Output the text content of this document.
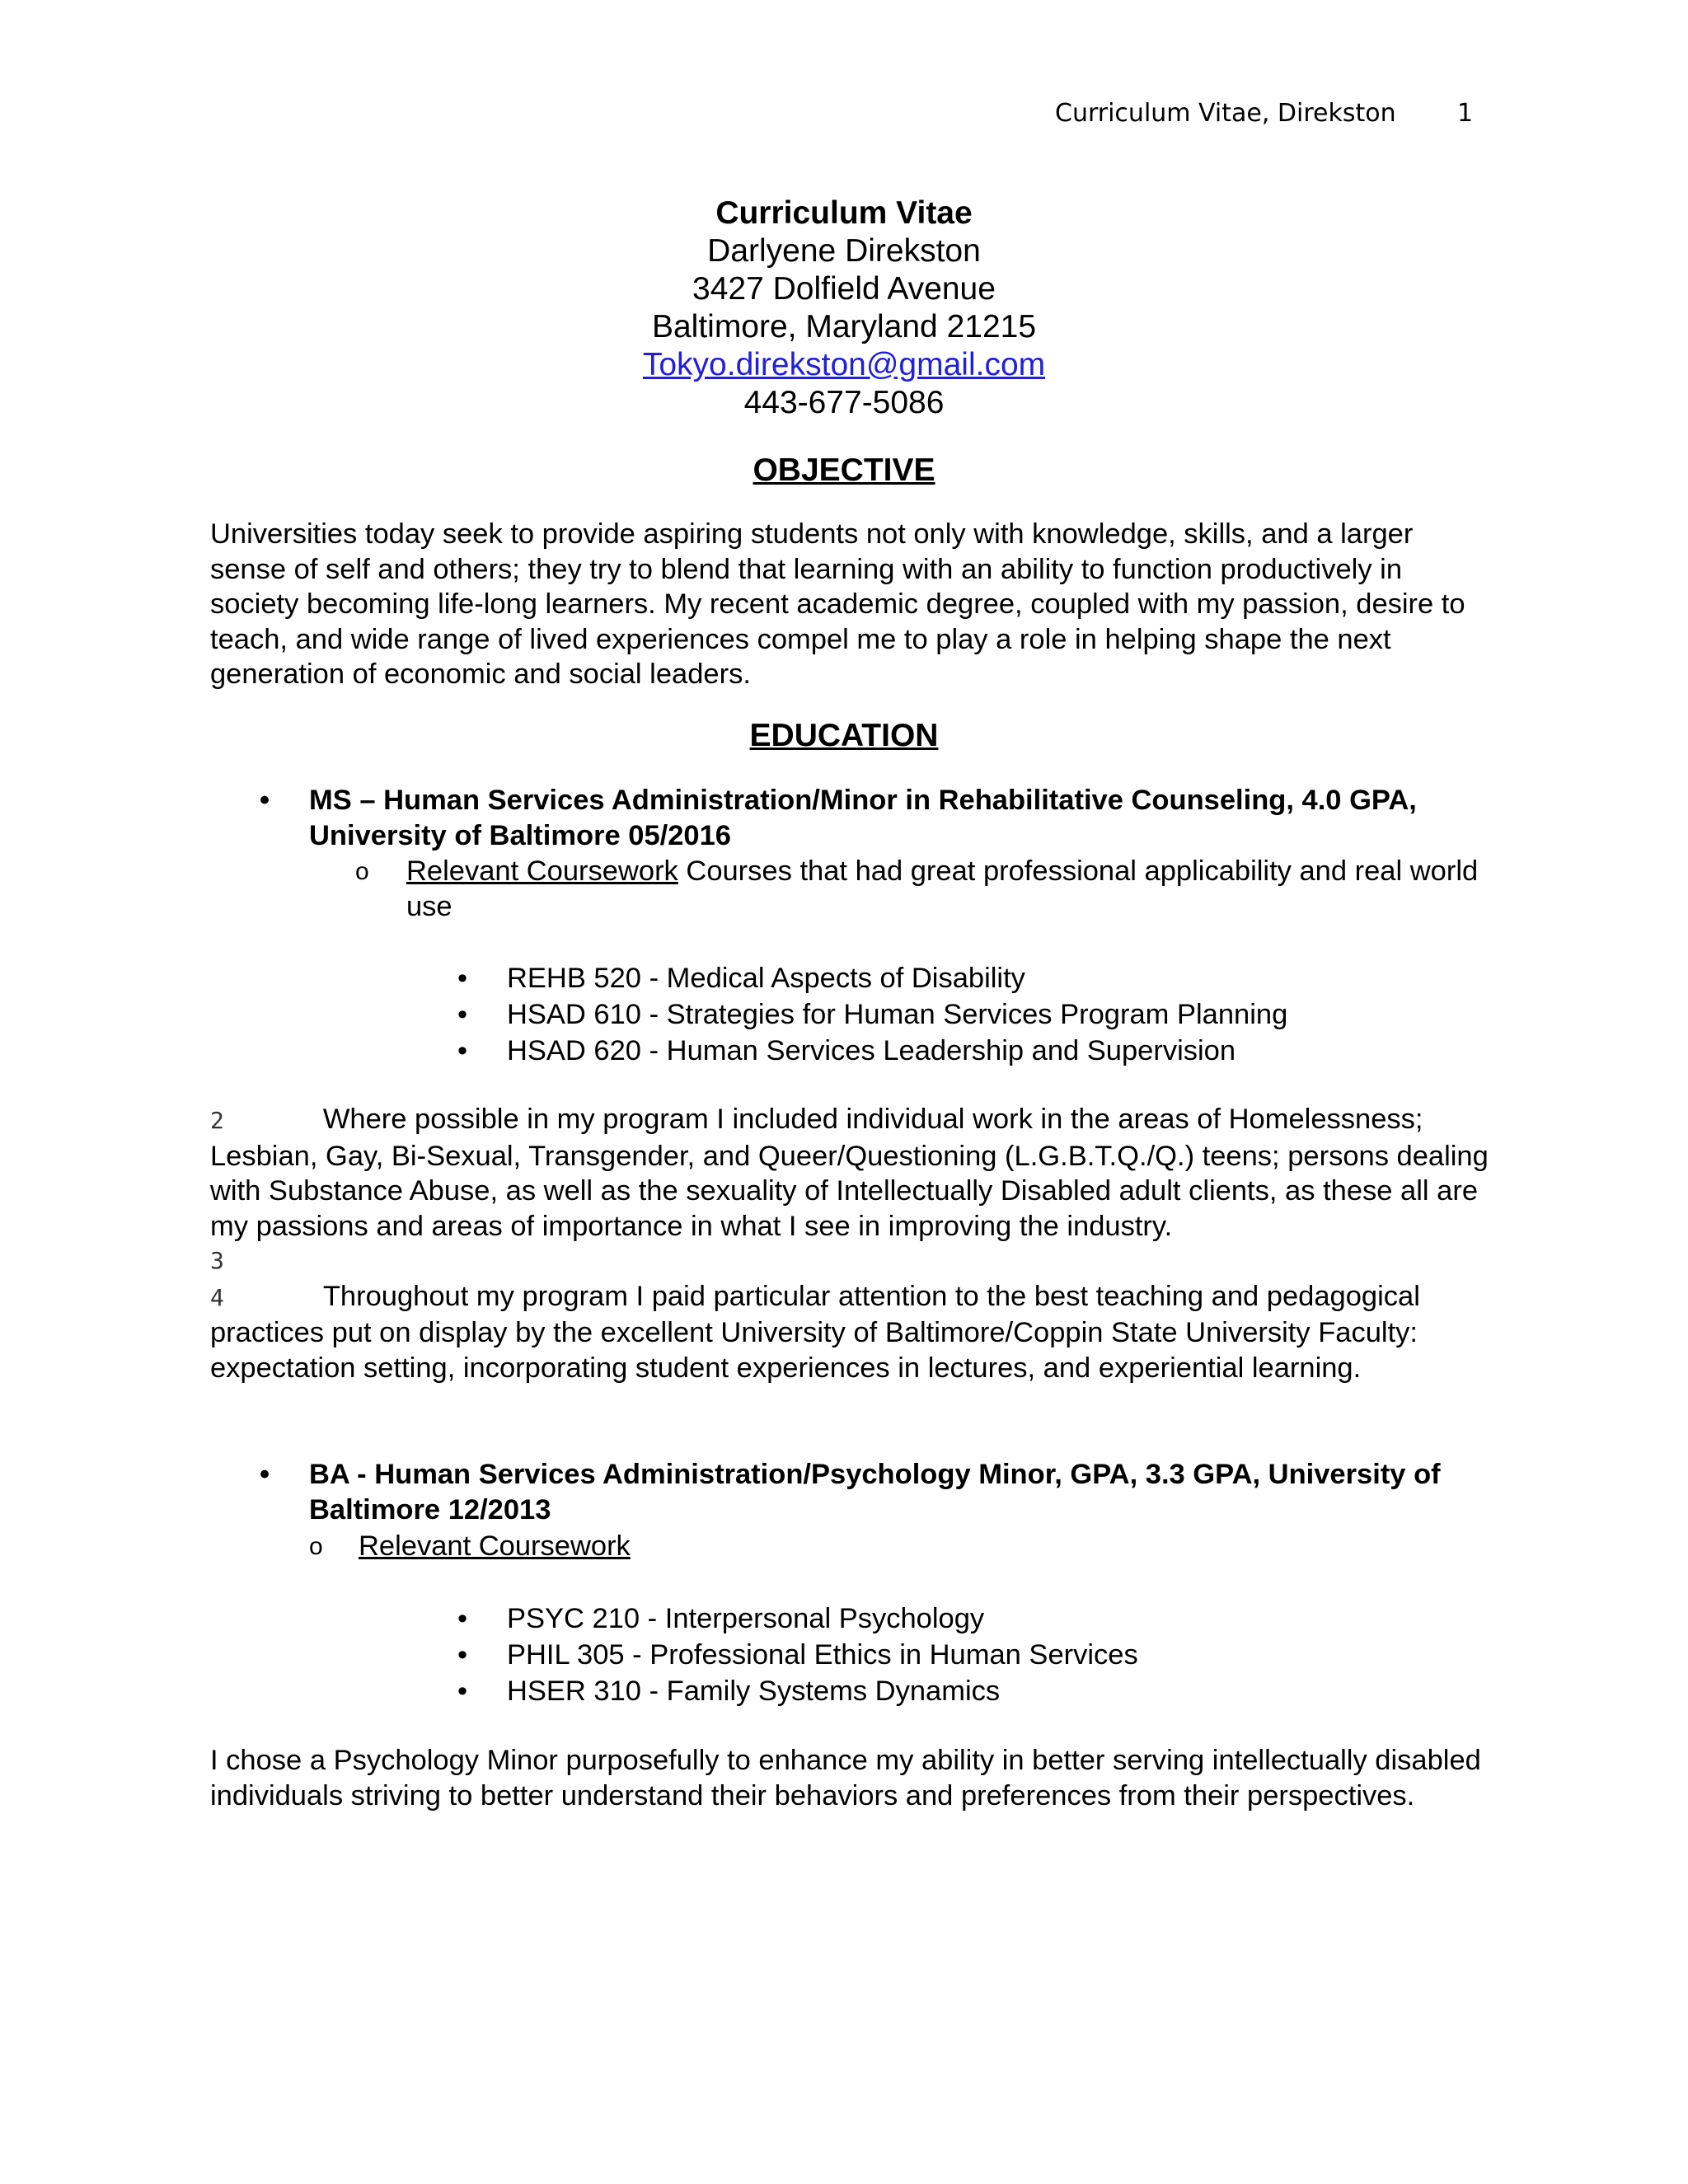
Curriculum Vitae, Direkston 1
Curriculum Vitae
Darlyene Direkston
3427 Dolfield Avenue
Baltimore, Maryland 21215
Tokyo.direkston@gmail.com
443-677-5086
OBJECTIVE
Universities today seek to provide aspiring students not only with knowledge, skills, and a larger sense of self and others; they try to blend that learning with an ability to function productively in society becoming life-long learners. My recent academic degree, coupled with my passion, desire to teach, and wide range of lived experiences compel me to play a role in helping shape the next generation of economic and social leaders.
EDUCATION
• MS – Human Services Administration/Minor in Rehabilitative Counseling, 4.0 GPA, University of Baltimore 05/2016
o Relevant Coursework Courses that had great professional applicability and real world use
• REHB 520 - Medical Aspects of Disability
• HSAD 610 - Strategies for Human Services Program Planning
• HSAD 620 - Human Services Leadership and Supervision
2	Where possible in my program I included individual work in the areas of Homelessness; Lesbian, Gay, Bi-Sexual, Transgender, and Queer/Questioning (L.G.B.T.Q./Q.) teens; persons dealing with Substance Abuse, as well as the sexuality of Intellectually Disabled adult clients, as these all are my passions and areas of importance in what I see in improving the industry.
3
4	Throughout my program I paid particular attention to the best teaching and pedagogical practices put on display by the excellent University of Baltimore/Coppin State University Faculty: expectation setting, incorporating student experiences in lectures, and experiential learning.
• BA - Human Services Administration/Psychology Minor, GPA, 3.3 GPA, University of Baltimore 12/2013
o Relevant Coursework
• PSYC 210 - Interpersonal Psychology
• PHIL 305 - Professional Ethics in Human Services
• HSER 310 - Family Systems Dynamics
I chose a Psychology Minor purposefully to enhance my ability in better serving intellectually disabled individuals striving to better understand their behaviors and preferences from their perspectives.
